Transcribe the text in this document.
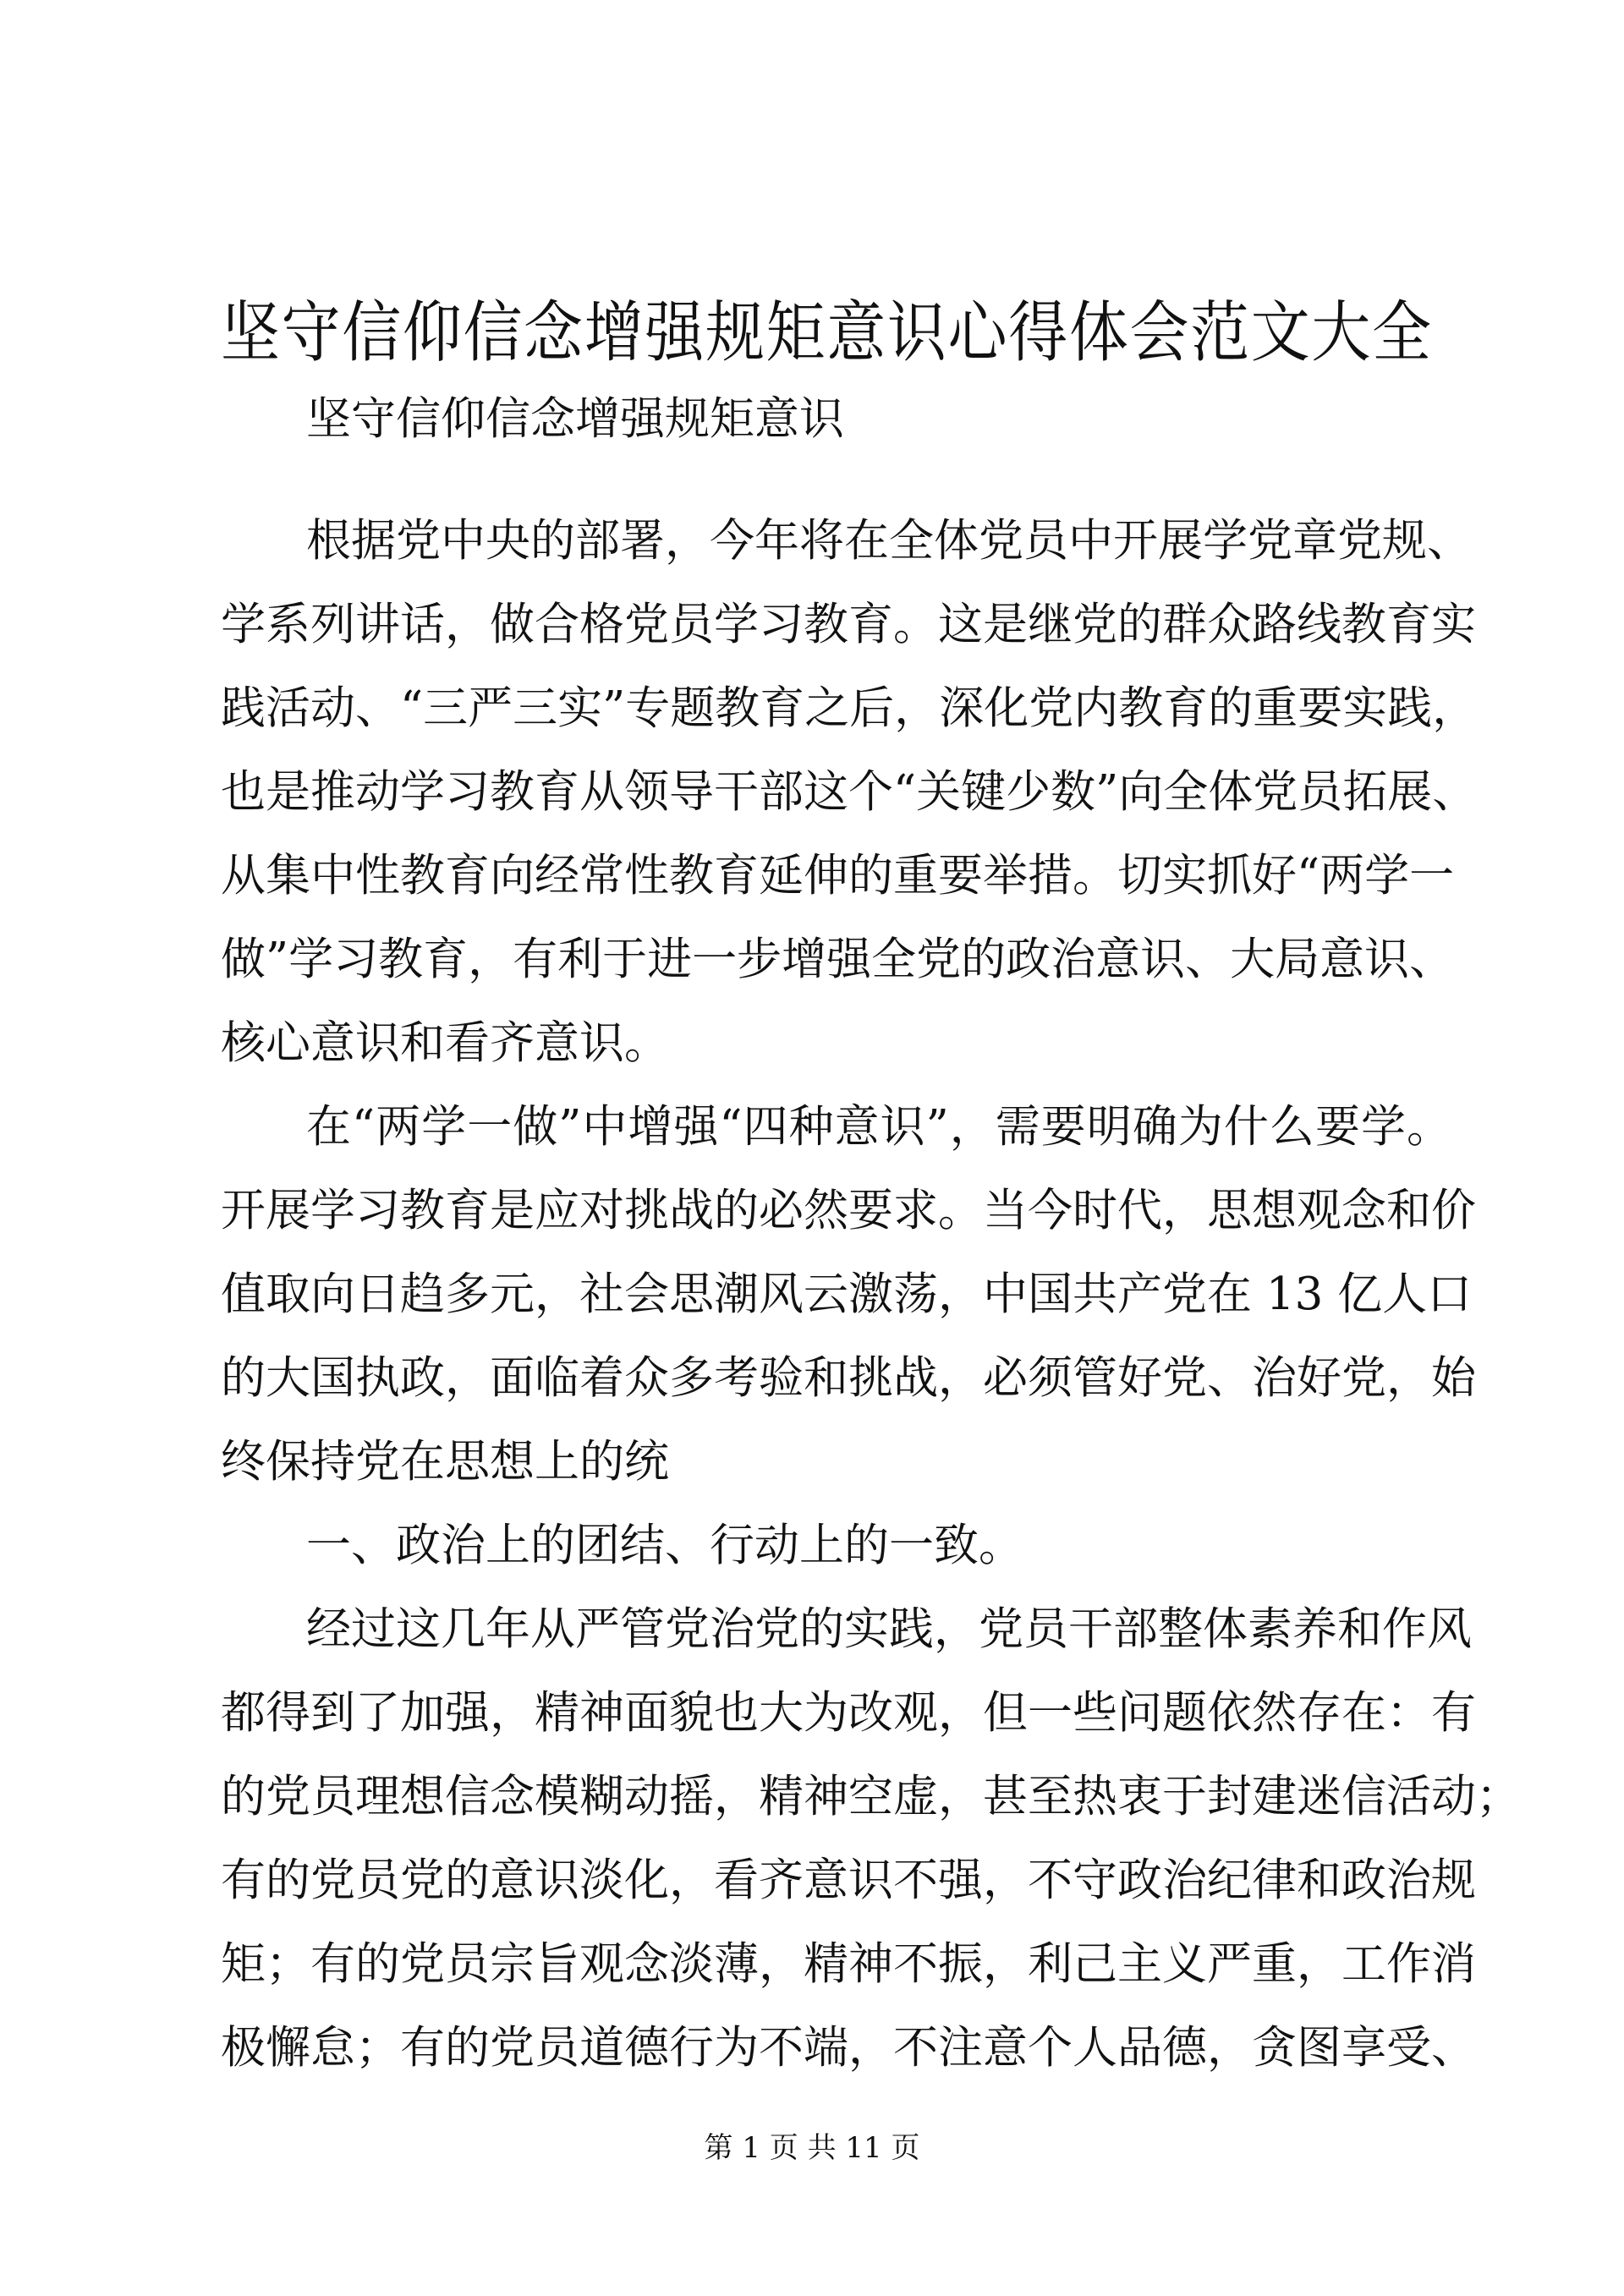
坚守信仰信念增强规矩意识心得体会范文大全
坚守信仰信念增强规矩意识
根据党中央的部署，今年将在全体党员中开展学党章党规、
学系列讲话，做合格党员学习教育。这是继党的群众路线教育实
践活动、“三严三实”专题教育之后，深化党内教育的重要实践，
也是推动学习教育从领导干部这个“关键少数”向全体党员拓展、
从集中性教育向经常性教育延伸的重要举措。切实抓好“两学一
做”学习教育，有利于进一步增强全党的政治意识、大局意识、
核心意识和看齐意识。
在“两学一做”中增强“四种意识”，需要明确为什么要学。
开展学习教育是应对挑战的必然要求。当今时代，思想观念和价
值取向日趋多元，社会思潮风云激荡，中国共产党在 13 亿人口
的大国执政，面临着众多考验和挑战，必须管好党、治好党，始
终保持党在思想上的统
一、政治上的团结、行动上的一致。
经过这几年从严管党治党的实践，党员干部整体素养和作风
都得到了加强，精神面貌也大为改观，但一些问题依然存在：有
的党员理想信念模糊动摇，精神空虚，甚至热衷于封建迷信活动；
有的党员党的意识淡化，看齐意识不强，不守政治纪律和政治规
矩；有的党员宗旨观念淡薄，精神不振，利己主义严重，工作消
极懈怠；有的党员道德行为不端，不注意个人品德，贪图享受、
第 1 页 共 11 页
